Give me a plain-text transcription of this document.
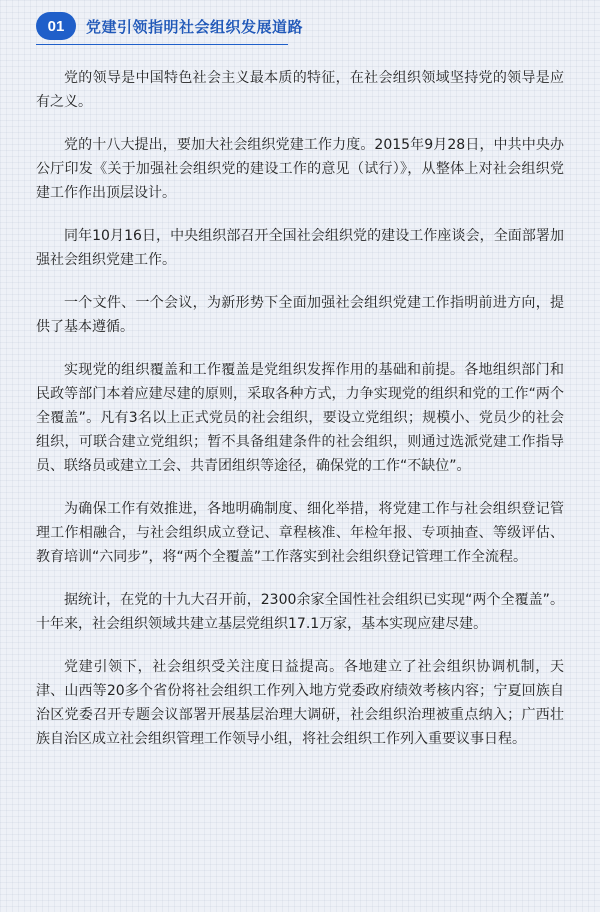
01	党建引领指明社会组织发展道路

党的领导是中国特色社会主义最本质的特征，在社会组织领域坚持党的领导是应有之义。

党的十八大提出，要加大社会组织党建工作力度。2015年9月28日，中共中央办公厅印发《关于加强社会组织党的建设工作的意见（试行）》，从整体上对社会组织党建工作作出顶层设计。

同年10月16日，中央组织部召开全国社会组织党的建设工作座谈会，全面部署加强社会组织党建工作。

一个文件、一个会议，为新形势下全面加强社会组织党建工作指明前进方向，提供了基本遵循。

实现党的组织覆盖和工作覆盖是党组织发挥作用的基础和前提。各地组织部门和民政等部门本着应建尽建的原则，采取各种方式，力争实现党的组织和党的工作“两个全覆盖”。凡有3名以上正式党员的社会组织，要设立党组织；规模小、党员少的社会组织，可联合建立党组织；暂不具备组建条件的社会组织，则通过选派党建工作指导员、联络员或建立工会、共青团组织等途径，确保党的工作“不缺位”。

为确保工作有效推进，各地明确制度、细化举措，将党建工作与社会组织登记管理工作相融合，与社会组织成立登记、章程核准、年检年报、专项抽查、等级评估、教育培训“六同步”，将“两个全覆盖”工作落实到社会组织登记管理工作全流程。

据统计，在党的十九大召开前，2300余家全国性社会组织已实现“两个全覆盖”。十年来，社会组织领域共建立基层党组织17.1万家，基本实现应建尽建。

党建引领下，社会组织受关注度日益提高。各地建立了社会组织协调机制，天津、山西等20多个省份将社会组织工作列入地方党委政府绩效考核内容；宁夏回族自治区党委召开专题会议部署开展基层治理大调研，社会组织治理被重点纳入；广西壮族自治区成立社会组织管理工作领导小组，将社会组织工作列入重要议事日程。
